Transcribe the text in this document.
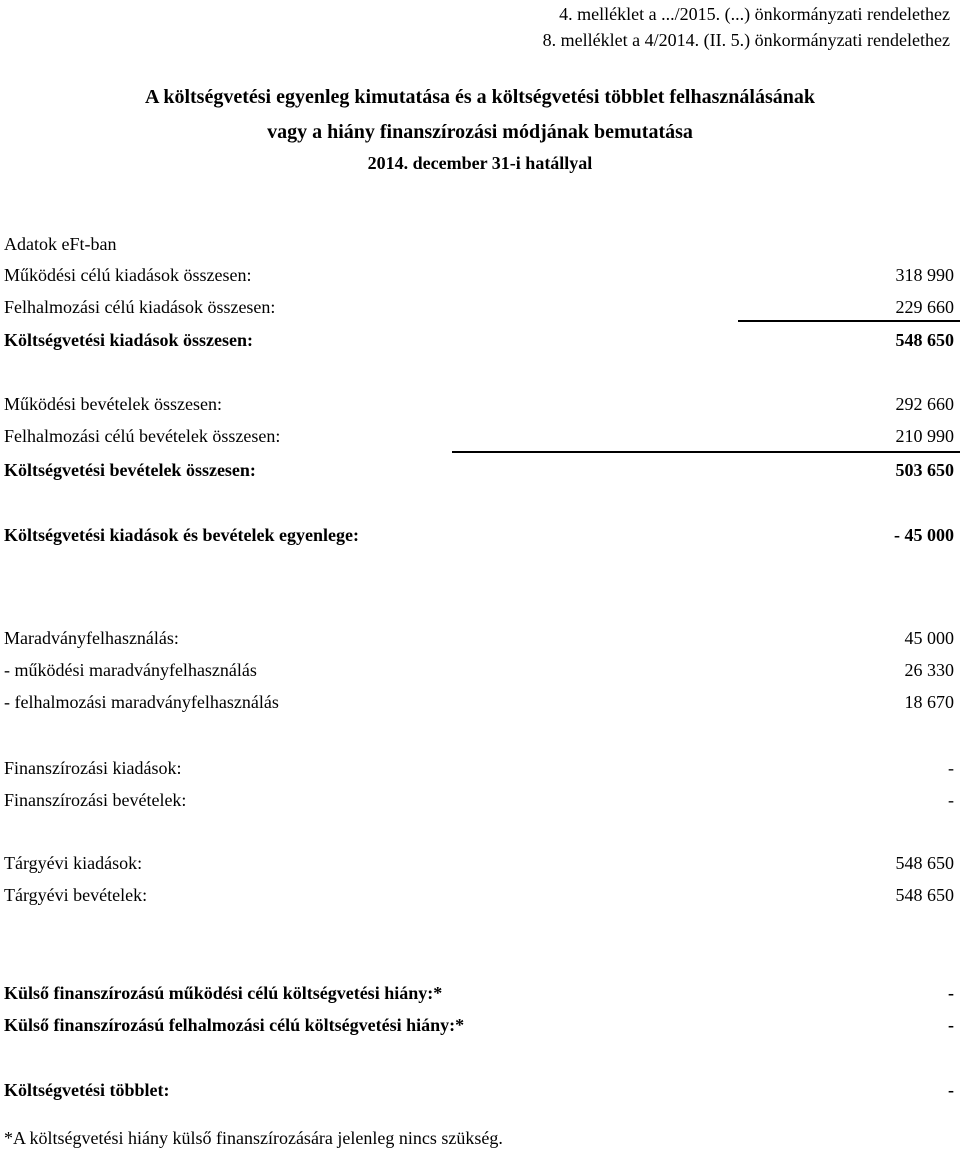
4. melléklet a .../2015. (...) önkormányzati rendelethez
8. melléklet a 4/2014. (II. 5.) önkormányzati rendelethez
A költségvetési egyenleg kimutatása és a költségvetési többlet felhasználásának
vagy a hiány finanszírozási módjának bemutatása
2014. december 31-i hatállyal
Adatok eFt-ban
Működési célú kiadások összesen:	318 990
Felhalmozási célú kiadások összesen:	229 660
Költségvetési kiadások összesen:	548 650
Működési bevételek összesen:	292 660
Felhalmozási célú bevételek összesen:	210 990
Költségvetési bevételek összesen:	503 650
Költségvetési kiadások és bevételek egyenlege:	- 45 000
Maradványfelhasználás:	45 000
- működési maradványfelhasználás	26 330
- felhalmozási maradványfelhasználás	18 670
Finanszírozási kiadások:	-
Finanszírozási bevételek:	-
Tárgyévi kiadások:	548 650
Tárgyévi bevételek:	548 650
Külső finanszírozású működési célú költségvetési hiány:*	-
Külső finanszírozású felhalmozási célú költségvetési hiány:*	-
Költségvetési többlet:	-
*A költségvetési hiány külső finanszírozására jelenleg nincs szükség.
